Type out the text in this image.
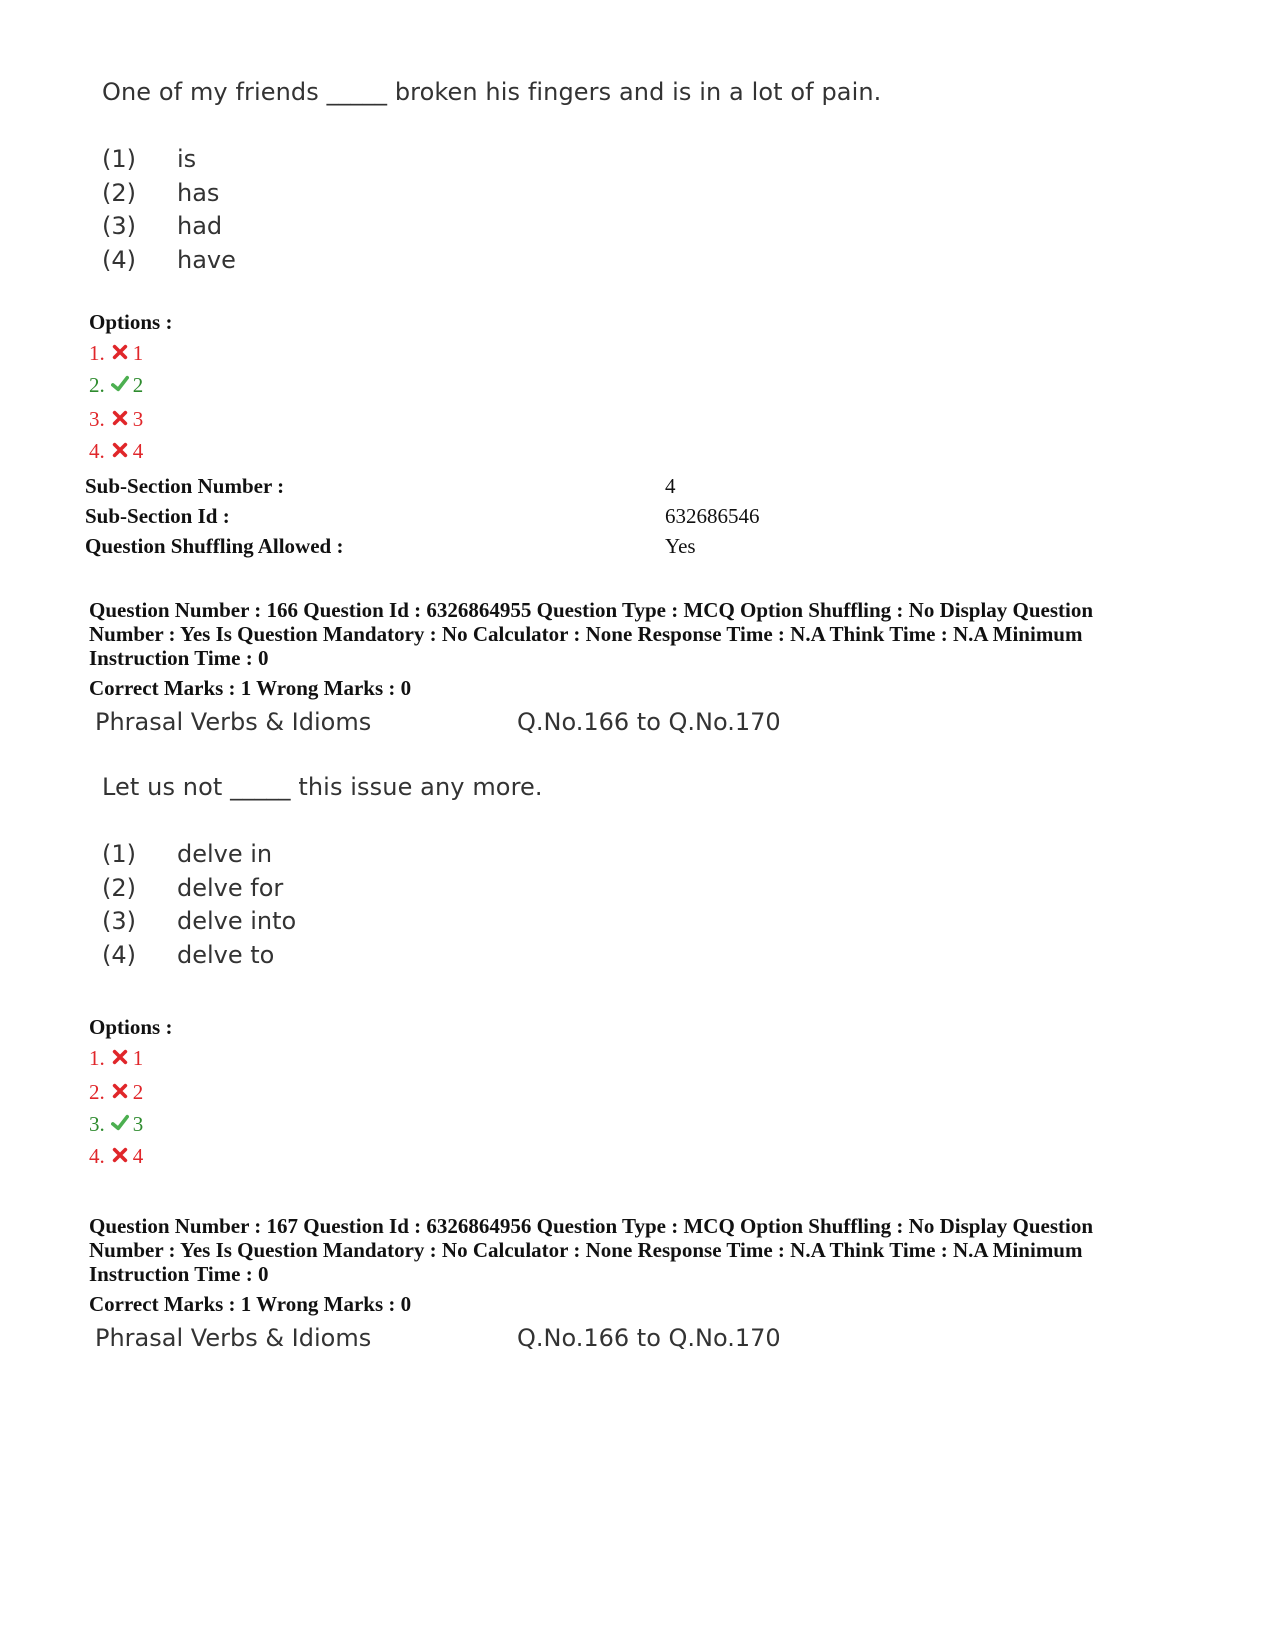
One of my friends _____ broken his fingers and is in a lot of pain.
(1) is
(2) has
(3) had
(4) have
Options :
1. 1
2. 2
3. 3
4. 4
Sub-Section Number :	4
Sub-Section Id :	632686546
Question Shuffling Allowed :	Yes
Question Number : 166 Question Id : 6326864955 Question Type : MCQ Option Shuffling : No Display Question Number : Yes Is Question Mandatory : No Calculator : None Response Time : N.A Think Time : N.A Minimum Instruction Time : 0
Correct Marks : 1 Wrong Marks : 0
Phrasal Verbs & Idioms	Q.No.166 to Q.No.170
Let us not _____ this issue any more.
(1) delve in
(2) delve for
(3) delve into
(4) delve to
Options :
1. 1
2. 2
3. 3
4. 4
Question Number : 167 Question Id : 6326864956 Question Type : MCQ Option Shuffling : No Display Question Number : Yes Is Question Mandatory : No Calculator : None Response Time : N.A Think Time : N.A Minimum Instruction Time : 0
Correct Marks : 1 Wrong Marks : 0
Phrasal Verbs & Idioms	Q.No.166 to Q.No.170
